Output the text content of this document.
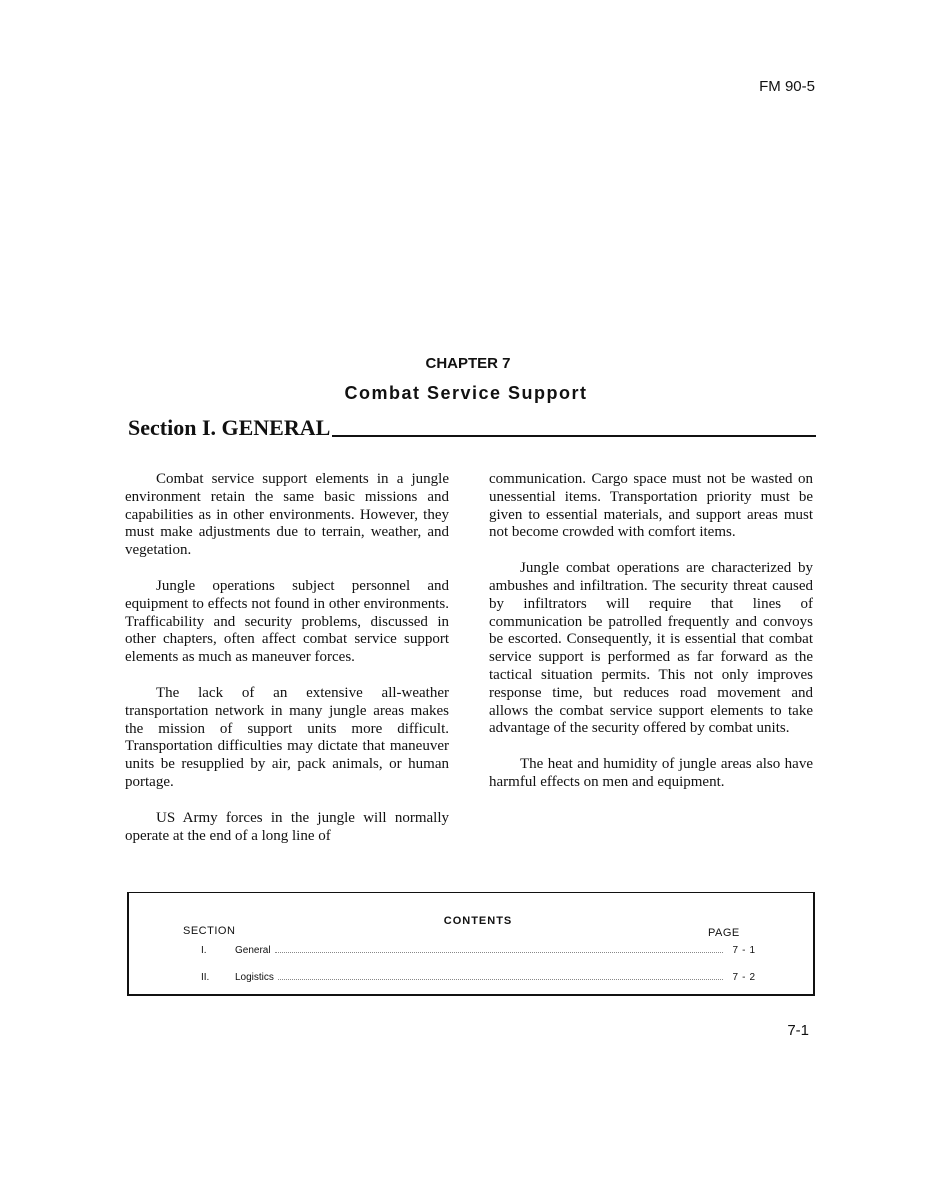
FM 90-5
CHAPTER 7
Combat Service Support
Section I. GENERAL

Combat service support elements in a jungle environment retain the same basic missions and capabilities as in other environments. However, they must make adjustments due to terrain, weather, and vegetation.

Jungle operations subject personnel and equipment to effects not found in other environments. Trafficability and security problems, discussed in other chapters, often affect combat service support elements as much as maneuver forces.

The lack of an extensive all-weather transportation network in many jungle areas makes the mission of support units more difficult. Transportation difficulties may dictate that maneuver units be resupplied by air, pack animals, or human portage.

US Army forces in the jungle will normally operate at the end of a long line of

communication. Cargo space must not be wasted on unessential items. Transportation priority must be given to essential materials, and support areas must not become crowded with comfort items.

Jungle combat operations are characterized by ambushes and infiltration. The security threat caused by infiltrators will require that lines of communication be patrolled frequently and convoys be escorted. Consequently, it is essential that combat service support is performed as far forward as the tactical situation permits. This not only improves response time, but reduces road movement and allows the combat service support elements to take advantage of the security offered by combat units.

The heat and humidity of jungle areas also have harmful effects on men and equipment.

CONTENTS
SECTION	PAGE
I.	General	7-1
II.	Logistics	7-2
7-1
